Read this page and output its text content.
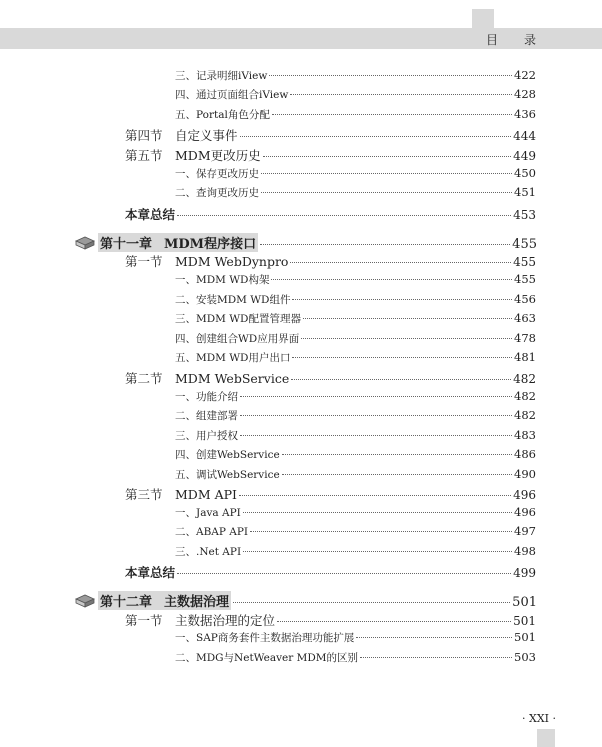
目 录
三、记录明细iView	422
四、通过页面组合iView	428
五、Portal角色分配	436
第四节 自定义事件	444
第五节 MDM更改历史	449
一、保存更改历史	450
二、查询更改历史	451
本章总结	453
第十一章 MDM程序接口	455
第一节 MDM WebDynpro	455
一、MDM WD构架	455
二、安装MDM WD组件	456
三、MDM WD配置管理器	463
四、创建组合WD应用界面	478
五、MDM WD用户出口	481
第二节 MDM WebService	482
一、功能介绍	482
二、组建部署	482
三、用户授权	483
四、创建WebService	486
五、调试WebService	490
第三节 MDM API	496
一、Java API	496
二、ABAP API	497
三、.Net API	498
本章总结	499
第十二章 主数据治理	501
第一节 主数据治理的定位	501
一、SAP商务套件主数据治理功能扩展	501
二、MDG与NetWeaver MDM的区别	503
· XXI ·
